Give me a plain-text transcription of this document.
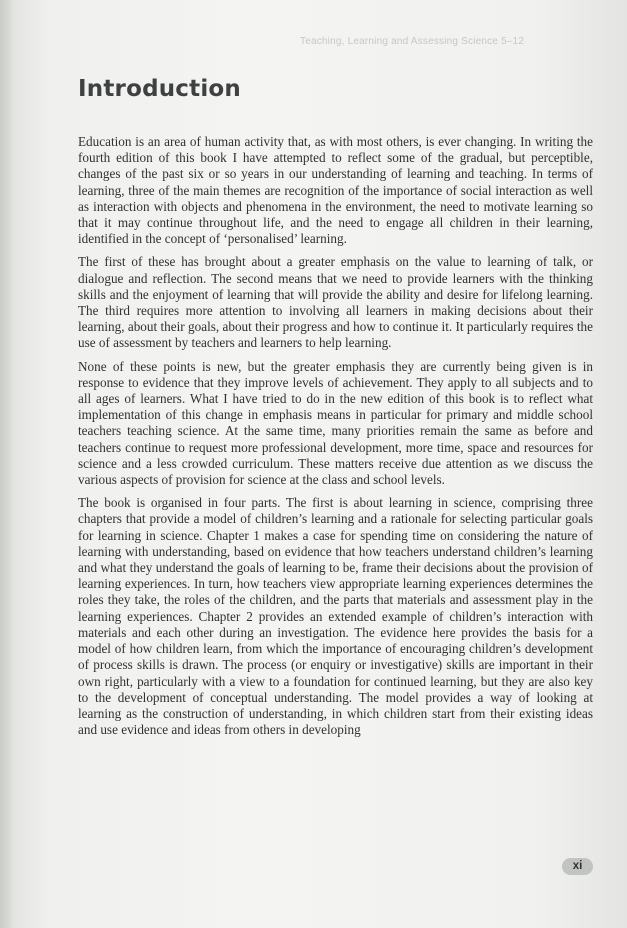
Teaching, Learning and Assessing Science 5–12
Introduction

Education is an area of human activity that, as with most others, is ever changing. In writing the fourth edition of this book I have attempted to reflect some of the gradual, but perceptible, changes of the past six or so years in our understanding of learning and teaching. In terms of learning, three of the main themes are recognition of the importance of social interaction as well as interaction with objects and phenomena in the environment, the need to motivate learning so that it may continue throughout life, and the need to engage all children in their learning, identified in the concept of ‘personalised’ learning.

The first of these has brought about a greater emphasis on the value to learning of talk, or dialogue and reflection. The second means that we need to provide learners with the thinking skills and the enjoyment of learning that will provide the ability and desire for lifelong learning. The third requires more attention to involving all learners in making decisions about their learning, about their goals, about their progress and how to continue it. It particularly requires the use of assessment by teachers and learners to help learning.

None of these points is new, but the greater emphasis they are currently being given is in response to evidence that they improve levels of achievement. They apply to all subjects and to all ages of learners. What I have tried to do in the new edition of this book is to reflect what implementation of this change in emphasis means in particular for primary and middle school teachers teaching science. At the same time, many priorities remain the same as before and teachers continue to request more professional development, more time, space and resources for science and a less crowded curriculum. These matters receive due attention as we discuss the various aspects of provision for science at the class and school levels.

The book is organised in four parts. The first is about learning in science, comprising three chapters that provide a model of children’s learning and a rationale for selecting particular goals for learning in science. Chapter 1 makes a case for spending time on considering the nature of learning with understanding, based on evidence that how teachers understand children’s learning and what they understand the goals of learning to be, frame their decisions about the provision of learning experiences. In turn, how teachers view appropriate learning experiences determines the roles they take, the roles of the children, and the parts that materials and assessment play in the learning experiences. Chapter 2 provides an extended example of children’s interaction with materials and each other during an investigation. The evidence here provides the basis for a model of how children learn, from which the importance of encouraging children’s development of process skills is drawn. The process (or enquiry or investigative) skills are important in their own right, particularly with a view to a foundation for continued learning, but they are also key to the development of conceptual understanding. The model provides a way of looking at learning as the construction of understanding, in which children start from their existing ideas and use evidence and ideas from others in developing

xi
